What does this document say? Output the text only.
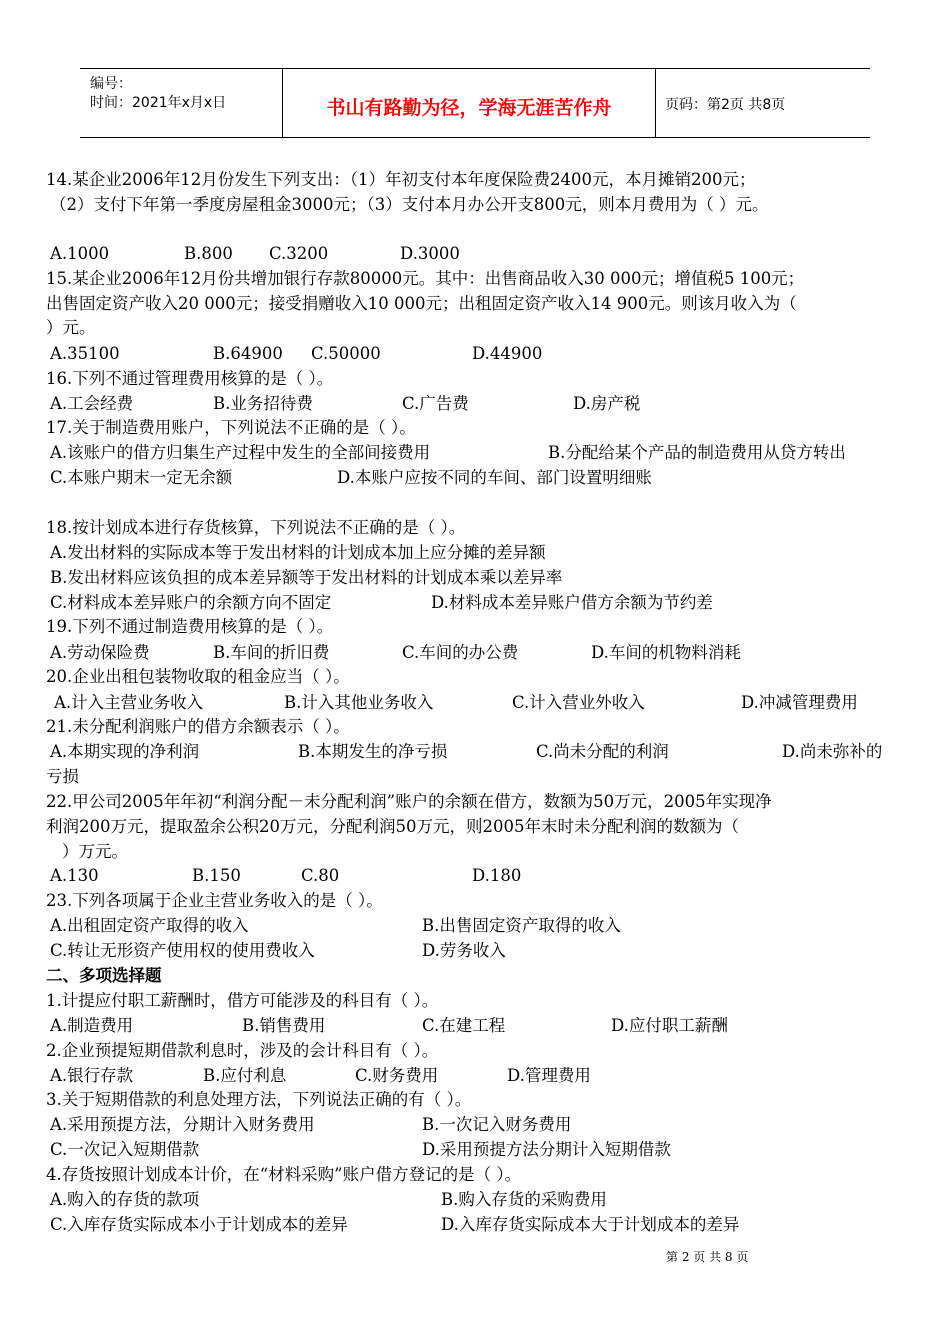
编号：
时间：2021年x月x日	书山有路勤为径，学海无涯苦作舟	页码：第2页 共8页
14.某企业2006年12月份发生下列支出：（1）年初支付本年度保险费2400元，本月摊销200元；
（2）支付下年第一季度房屋租金3000元；（3）支付本月办公开支800元，则本月费用为（ ）元。
A.1000	B.800 C.3200	D.3000
15.某企业2006年12月份共增加银行存款80000元。其中：出售商品收入30 000元；增值税5 100元；
出售固定资产收入20 000元；接受捐赠收入10 000元；出租固定资产收入14 900元。则该月收入为（
）元。
A.35100	B.64900 C.50000	D.44900
16.下列不通过管理费用核算的是（ ）。
A.工会经费	B.业务招待费	C.广告费	D.房产税
17.关于制造费用账户，下列说法不正确的是（ ）。
A.该账户的借方归集生产过程中发生的全部间接费用	B.分配给某个产品的制造费用从贷方转出
C.本账户期末一定无余额	D.本账户应按不同的车间、部门设置明细账
18.按计划成本进行存货核算，下列说法不正确的是（ ）。
A.发出材料的实际成本等于发出材料的计划成本加上应分摊的差异额
B.发出材料应该负担的成本差异额等于发出材料的计划成本乘以差异率
C.材料成本差异账户的余额方向不固定	D.材料成本差异账户借方余额为节约差
19.下列不通过制造费用核算的是（ ）。
A.劳动保险费	B.车间的折旧费	C.车间的办公费	D.车间的机物料消耗
20.企业出租包装物收取的租金应当（ ）。
A.计入主营业务收入	B.计入其他业务收入	C.计入营业外收入	D.冲减管理费用
21.未分配利润账户的借方余额表示（ ）。
A.本期实现的净利润	B.本期发生的净亏损	C.尚未分配的利润	D.尚未弥补的
亏损
22.甲公司2005年年初“利润分配－未分配利润”账户的余额在借方，数额为50万元，2005年实现净
利润200万元，提取盈余公积20万元，分配利润50万元，则2005年末时未分配利润的数额为（
）万元。
A.130	B.150	C.80	D.180
23.下列各项属于企业主营业务收入的是（ ）。
A.出租固定资产取得的收入	B.出售固定资产取得的收入
C.转让无形资产使用权的使用费收入	D.劳务收入
二、多项选择题
1.计提应付职工薪酬时，借方可能涉及的科目有（ ）。
A.制造费用	B.销售费用	C.在建工程	D.应付职工薪酬
2.企业预提短期借款利息时，涉及的会计科目有（ ）。
A.银行存款	B.应付利息	C.财务费用	D.管理费用
3.关于短期借款的利息处理方法，下列说法正确的有（ ）。
A.采用预提方法，分期计入财务费用	B.一次记入财务费用
C.一次记入短期借款	D.采用预提方法分期计入短期借款
4.存货按照计划成本计价，在“材料采购”账户借方登记的是（ ）。
A.购入的存货的款项	B.购入存货的采购费用
C.入库存货实际成本小于计划成本的差异	D.入库存货实际成本大于计划成本的差异
第 2 页 共 8 页
